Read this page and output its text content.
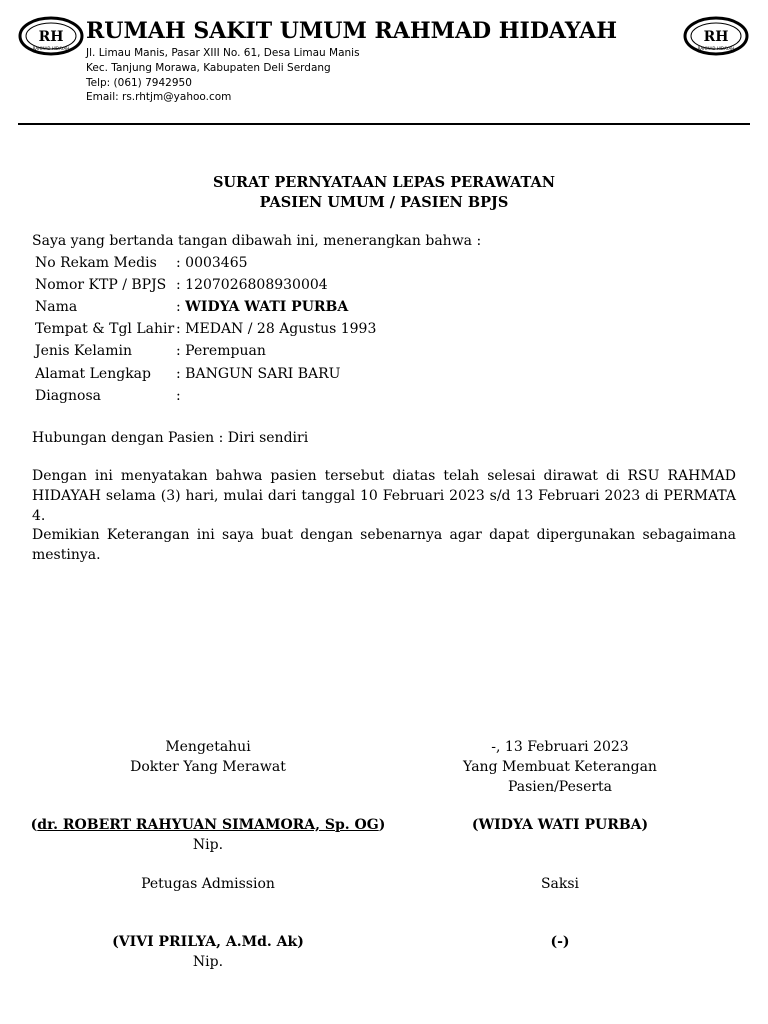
RH
RAHMAD HIDAYAH
RH
RAHMAD HIDAYAH
RUMAH SAKIT UMUM RAHMAD HIDAYAH
Jl. Limau Manis, Pasar XIII No. 61, Desa Limau Manis
Kec. Tanjung Morawa, Kabupaten Deli Serdang
Telp: (061) 7942950
Email: rs.rhtjm@yahoo.com
SURAT PERNYATAAN LEPAS PERAWATAN
PASIEN UMUM / PASIEN BPJS
Saya yang bertanda tangan dibawah ini, menerangkan bahwa :
No Rekam Medis : 0003465
Nomor KTP / BPJS : 1207026808930004
Nama	: WIDYA WATI PURBA
Tempat & Tgl Lahir : MEDAN / 28 Agustus 1993
Jenis Kelamin	: Perempuan
Alamat Lengkap : BANGUN SARI BARU
Diagnosa	:
Hubungan dengan Pasien : Diri sendiri
Dengan ini menyatakan bahwa pasien tersebut diatas telah selesai dirawat di RSU RAHMAD HIDAYAH selama (3) hari, mulai dari tanggal 10 Februari 2023 s/d 13 Februari 2023 di PERMATA 4.
Demikian Keterangan ini saya buat dengan sebenarnya agar dapat dipergunakan sebagaimana mestinya.
Mengetahui
Dokter Yang Merawat
(dr. ROBERT RAHYUAN SIMAMORA, Sp. OG)
Nip.
Petugas Admission
(VIVI PRILYA, A.Md. Ak)
Nip.
-, 13 Februari 2023
Yang Membuat Keterangan
Pasien/Peserta
(WIDYA WATI PURBA)
Saksi
(-)
